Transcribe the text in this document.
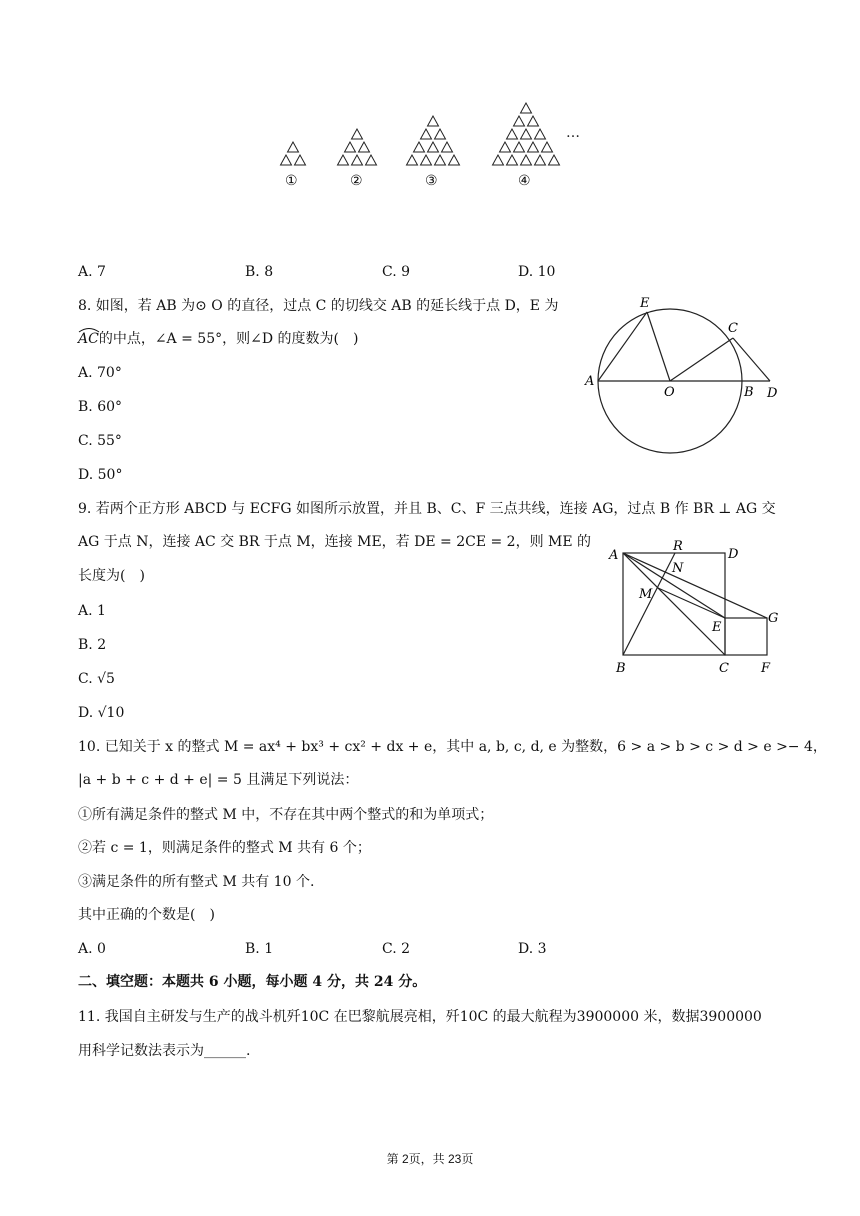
…
①	②	③	④
A. 7	B. 8	C. 9	D. 10
8. 如图，若 AB 为⊙ O 的直径，过点 C 的切线交 AB 的延长线于点 D，E 为
AC的中点，∠A = 55°，则∠D 的度数为(　)
A. 70°
B. 60°
C. 55°
D. 50°
A
E
C
O	B D
9. 若两个正方形 ABCD 与 ECFG 如图所示放置，并且 B、C、F 三点共线，连接 AG，过点 B 作 BR ⊥ AG 交
AG 于点 N，连接 AC 交 BR 于点 M，连接 ME，若 DE = 2CE = 2，则 ME 的
长度为(　)
A. 1
B. 2
C. √5
D. √10
A
R
D
N
M
G
E
B	C F
10. 已知关于 x 的整式 M = ax⁴ + bx³ + cx² + dx + e，其中 a, b, c, d, e 为整数，6 > a > b > c > d > e >− 4，
|a + b + c + d + e| = 5 且满足下列说法：
①所有满足条件的整式 M 中，不存在其中两个整式的和为单项式；
②若 c = 1，则满足条件的整式 M 共有 6 个；
③满足条件的所有整式 M 共有 10 个.
其中正确的个数是(　)
A. 0	B. 1	C. 2	D. 3
二、填空题：本题共 6 小题，每小题 4 分，共 24 分。
11. 我国自主研发与生产的战斗机歼10C 在巴黎航展亮相，歼10C 的最大航程为3900000 米，数据3900000
用科学记数法表示为______.
第 2页，共 23页
